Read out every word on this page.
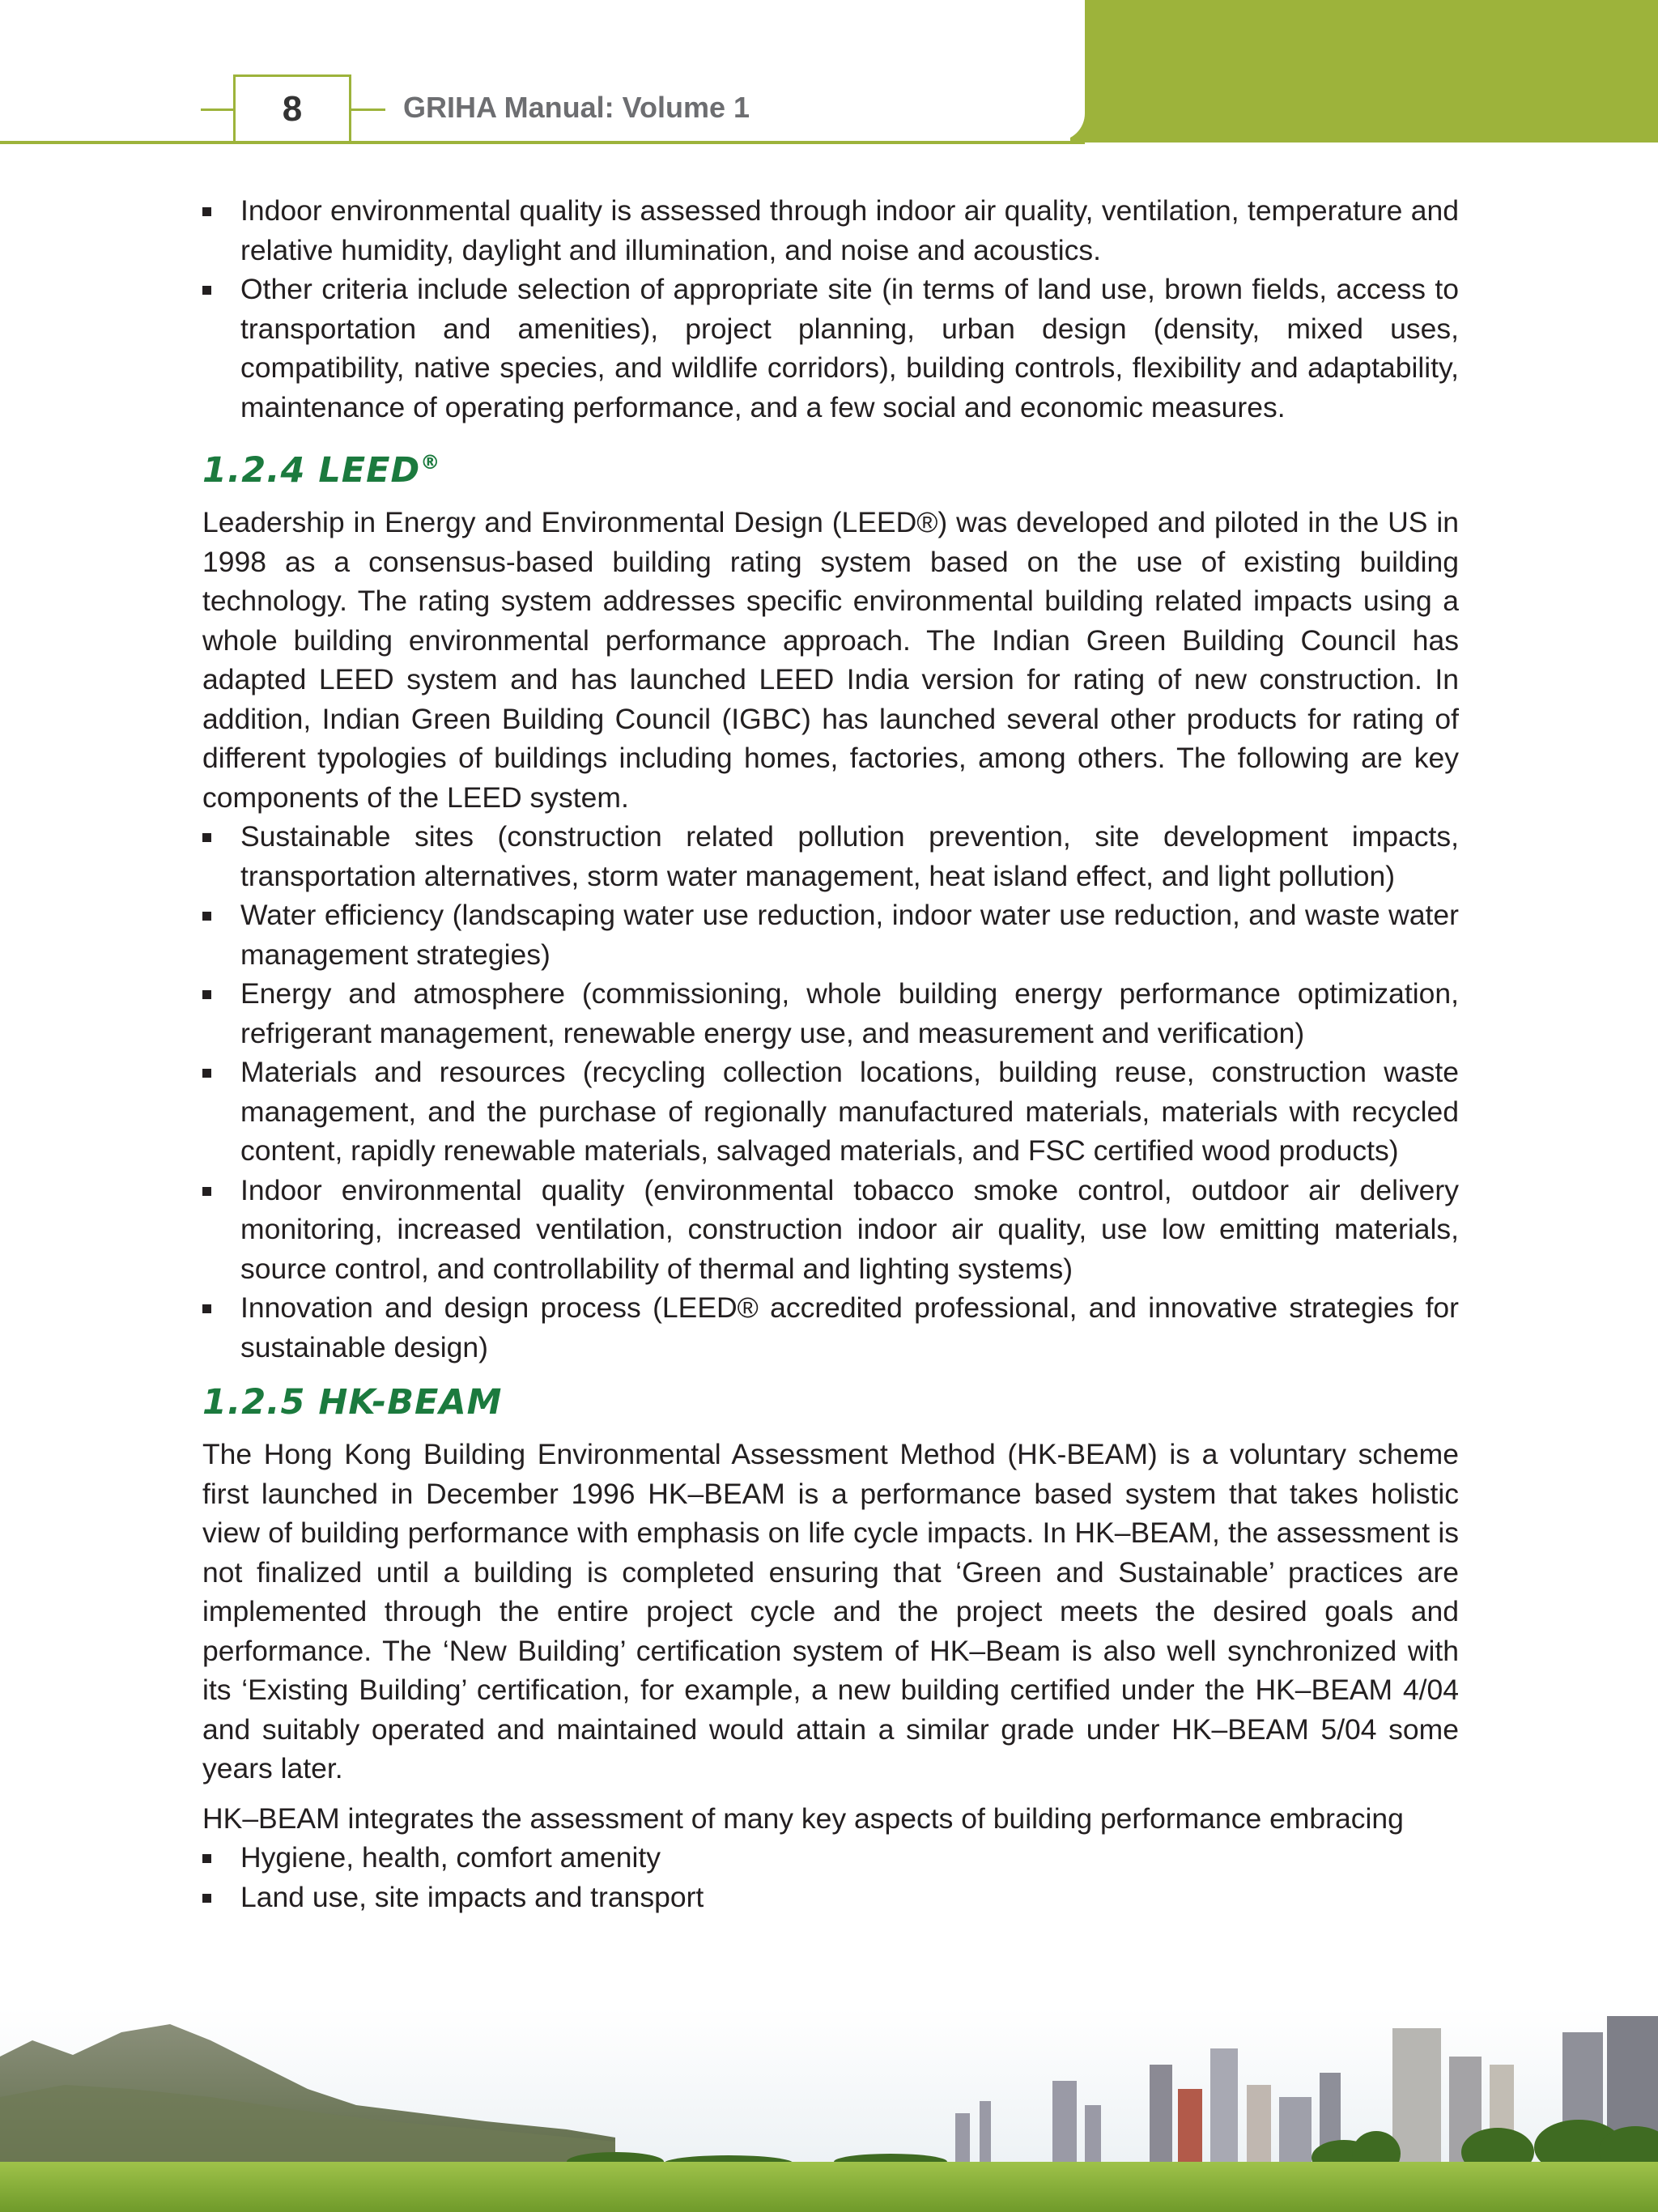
8	GRIHA Manual: Volume 1
Indoor environmental quality is assessed through indoor air quality, ventilation, temperature and relative humidity, daylight and illumination, and noise and acoustics.
Other criteria include selection of appropriate site (in terms of land use, brown fields, access to transportation and amenities), project planning, urban design (density, mixed uses, compatibility, native species, and wildlife corridors), building controls, flexibility and adaptability, maintenance of operating performance, and a few social and economic measures.
1.2.4 LEED®

Leadership in Energy and Environmental Design (LEED®) was developed and piloted in the US in 1998 as a consensus-based building rating system based on the use of existing building technology. The rating system addresses specific environmental building related impacts using a whole building environmental performance approach. The Indian Green Building Council has adapted LEED system and has launched LEED India version for rating of new construction. In addition, Indian Green Building Council (IGBC) has launched several other products for rating of different typologies of buildings including homes, factories, among others. The following are key components of the LEED system.

Sustainable sites (construction related pollution prevention, site development impacts, transportation alternatives, storm water management, heat island effect, and light pollution)
Water efficiency (landscaping water use reduction, indoor water use reduction, and waste water management strategies)
Energy and atmosphere (commissioning, whole building energy performance optimization, refrigerant management, renewable energy use, and measurement and verification)
Materials and resources (recycling collection locations, building reuse, construction waste management, and the purchase of regionally manufactured materials, materials with recycled content, rapidly renewable materials, salvaged materials, and FSC certified wood products)
Indoor environmental quality (environmental tobacco smoke control, outdoor air delivery monitoring, increased ventilation, construction indoor air quality, use low emitting materials, source control, and controllability of thermal and lighting systems)
Innovation and design process (LEED® accredited professional, and innovative strategies for sustainable design)
1.2.5 HK-BEAM

The Hong Kong Building Environmental Assessment Method (HK-BEAM) is a voluntary scheme first launched in December 1996 HK–BEAM is a performance based system that takes holistic view of building performance with emphasis on life cycle impacts. In HK–BEAM, the assessment is not finalized until a building is completed ensuring that ‘Green and Sustainable’ practices are implemented through the entire project cycle and the project meets the desired goals and performance. The ‘New Building’ certification system of HK–Beam is also well synchronized with its ‘Existing Building’ certification, for example, a new building certified under the HK–BEAM 4/04 and suitably operated and maintained would attain a similar grade under HK–BEAM 5/04 some years later.

HK–BEAM integrates the assessment of many key aspects of building performance embracing

Hygiene, health, comfort amenity
Land use, site impacts and transport
